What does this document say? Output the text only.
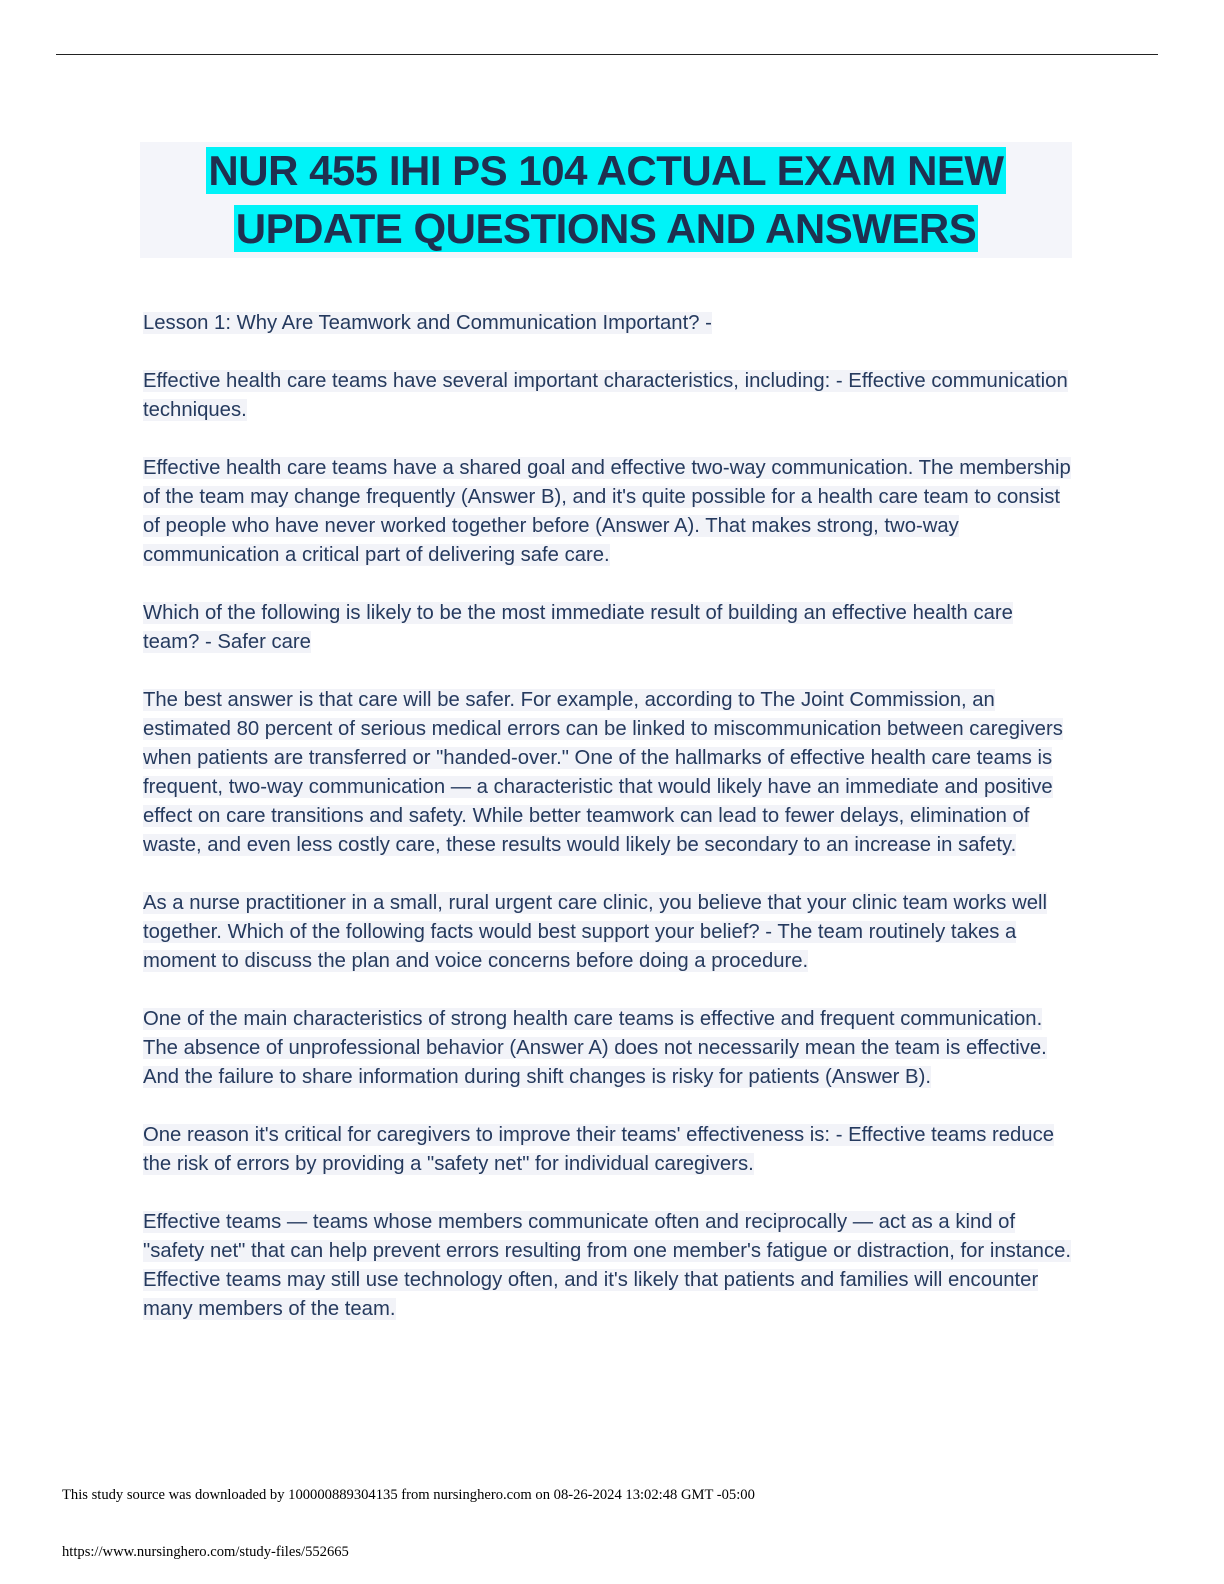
NUR 455 IHI PS 104 ACTUAL EXAM NEW
UPDATE QUESTIONS AND ANSWERS

Lesson 1: Why Are Teamwork and Communication Important? -

Effective health care teams have several important characteristics, including: - Effective communication techniques.

Effective health care teams have a shared goal and effective two-way communication. The membership of the team may change frequently (Answer B), and it's quite possible for a health care team to consist of people who have never worked together before (Answer A). That makes strong, two-way communication a critical part of delivering safe care.

Which of the following is likely to be the most immediate result of building an effective health care team? - Safer care

The best answer is that care will be safer. For example, according to The Joint Commission, an estimated 80 percent of serious medical errors can be linked to miscommunication between caregivers when patients are transferred or "handed-over." One of the hallmarks of effective health care teams is frequent, two-way communication — a characteristic that would likely have an immediate and positive effect on care transitions and safety. While better teamwork can lead to fewer delays, elimination of waste, and even less costly care, these results would likely be secondary to an increase in safety.

As a nurse practitioner in a small, rural urgent care clinic, you believe that your clinic team works well together. Which of the following facts would best support your belief? - The team routinely takes a moment to discuss the plan and voice concerns before doing a procedure.

One of the main characteristics of strong health care teams is effective and frequent communication. The absence of unprofessional behavior (Answer A) does not necessarily mean the team is effective. And the failure to share information during shift changes is risky for patients (Answer B).

One reason it's critical for caregivers to improve their teams' effectiveness is: - Effective teams reduce the risk of errors by providing a "safety net" for individual caregivers.

Effective teams — teams whose members communicate often and reciprocally — act as a kind of "safety net" that can help prevent errors resulting from one member's fatigue or distraction, for instance. Effective teams may still use technology often, and it's likely that patients and families will encounter many members of the team.

This study source was downloaded by 100000889304135 from nursinghero.com on 08-26-2024 13:02:48 GMT -05:00
https://www.nursinghero.com/study-files/552665
